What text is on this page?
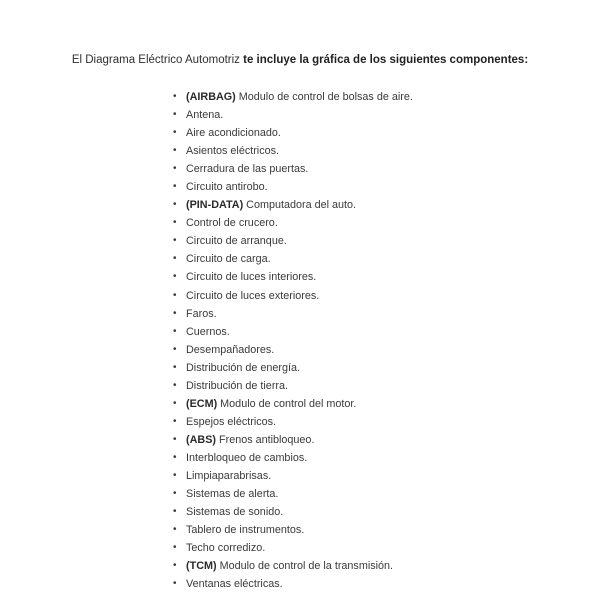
El Diagrama Eléctrico Automotriz te incluye la gráfica de los siguientes componentes:

• (AIRBAG) Modulo de control de bolsas de aire.
• Antena.
• Aire acondicionado.
• Asientos eléctricos.
• Cerradura de las puertas.
• Circuito antirobo.
• (PIN-DATA) Computadora del auto.
• Control de crucero.
• Circuito de arranque.
• Circuito de carga.
• Circuito de luces interiores.
• Circuito de luces exteriores.
• Faros.
• Cuernos.
• Desempañadores.
• Distribución de energía.
• Distribución de tierra.
• (ECM) Modulo de control del motor.
• Espejos eléctricos.
• (ABS) Frenos antibloqueo.
• Interbloqueo de cambios.
• Limpiaparabrisas.
• Sistemas de alerta.
• Sistemas de sonido.
• Tablero de instrumentos.
• Techo corredizo.
• (TCM) Modulo de control de la transmisión.
• Ventanas eléctricas.
